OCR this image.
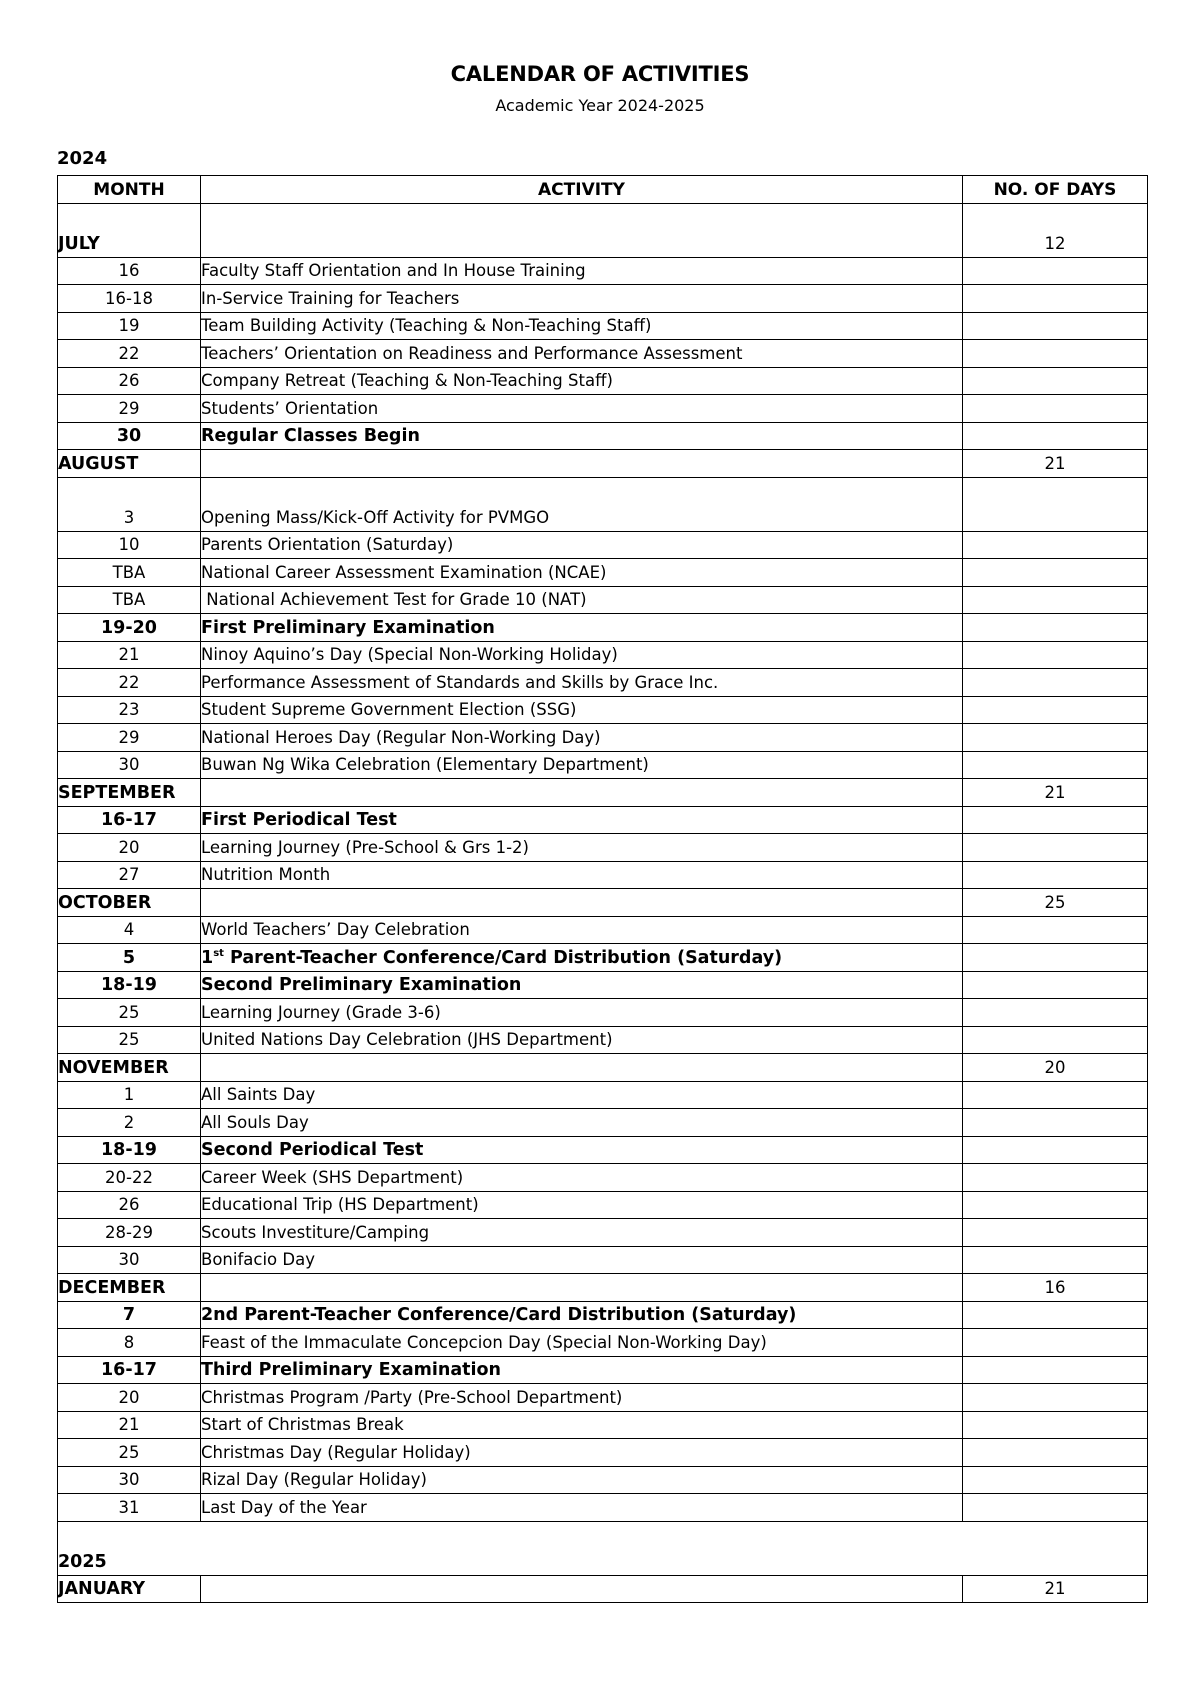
CALENDAR OF ACTIVITIES
Academic Year 2024-2025
2024
MONTH	ACTIVITY	NO. OF DAYS
JULY		12
16	Faculty Staff Orientation and In House Training	
16-18	In-Service Training for Teachers	
19	Team Building Activity (Teaching & Non-Teaching Staff)	
22	Teachers’ Orientation on Readiness and Performance Assessment	
26	Company Retreat (Teaching & Non-Teaching Staff)	
29	Students’ Orientation	
30	Regular Classes Begin	
AUGUST		21
3	Opening Mass/Kick-Off Activity for PVMGO	
10	Parents Orientation (Saturday)	
TBA	National Career Assessment Examination (NCAE)	
TBA	National Achievement Test for Grade 10 (NAT)	
19-20	First Preliminary Examination	
21	Ninoy Aquino’s Day (Special Non-Working Holiday)	
22	Performance Assessment of Standards and Skills by Grace Inc.	
23	Student Supreme Government Election (SSG)	
29	National Heroes Day (Regular Non-Working Day)	
30	Buwan Ng Wika Celebration (Elementary Department)	
SEPTEMBER		21
16-17	First Periodical Test	
20	Learning Journey (Pre-School & Grs 1-2)	
27	Nutrition Month	
OCTOBER		25
4	World Teachers’ Day Celebration	
5	1st Parent-Teacher Conference/Card Distribution (Saturday)	
18-19	Second Preliminary Examination	
25	Learning Journey (Grade 3-6)	
25	United Nations Day Celebration (JHS Department)	
NOVEMBER		20
1	All Saints Day	
2	All Souls Day	
18-19	Second Periodical Test	
20-22	Career Week (SHS Department)	
26	Educational Trip (HS Department)	
28-29	Scouts Investiture/Camping	
30	Bonifacio Day	
DECEMBER		16
7	2nd Parent-Teacher Conference/Card Distribution (Saturday)	
8	Feast of the Immaculate Concepcion Day (Special Non-Working Day)	
16-17	Third Preliminary Examination	
20	Christmas Program /Party (Pre-School Department)	
21	Start of Christmas Break	
25	Christmas Day (Regular Holiday)	
30	Rizal Day (Regular Holiday)	
31	Last Day of the Year	
2025		
JANUARY		21
